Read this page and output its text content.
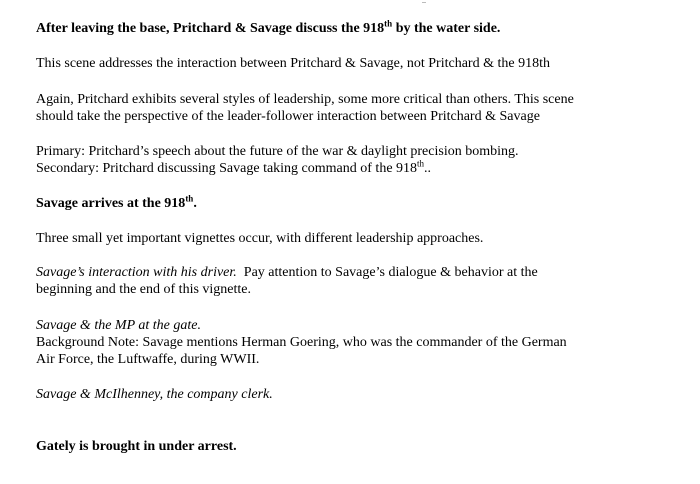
After leaving the base, Pritchard & Savage discuss the 918th by the water side.

This scene addresses the interaction between Pritchard & Savage, not Pritchard & the 918th

Again, Pritchard exhibits several styles of leadership, some more critical than others. This scene

should take the perspective of the leader-follower interaction between Pritchard & Savage

Primary: Pritchard’s speech about the future of the war & daylight precision bombing.

Secondary: Pritchard discussing Savage taking command of the 918th..

Savage arrives at the 918th.

Three small yet important vignettes occur, with different leadership approaches.

Savage’s interaction with his driver.  Pay attention to Savage’s dialogue & behavior at the

beginning and the end of this vignette.

Savage & the MP at the gate.

Background Note: Savage mentions Herman Goering, who was the commander of the German

Air Force, the Luftwaffe, during WWII.

Savage & McIlhenney, the company clerk.

Gately is brought in under arrest.
